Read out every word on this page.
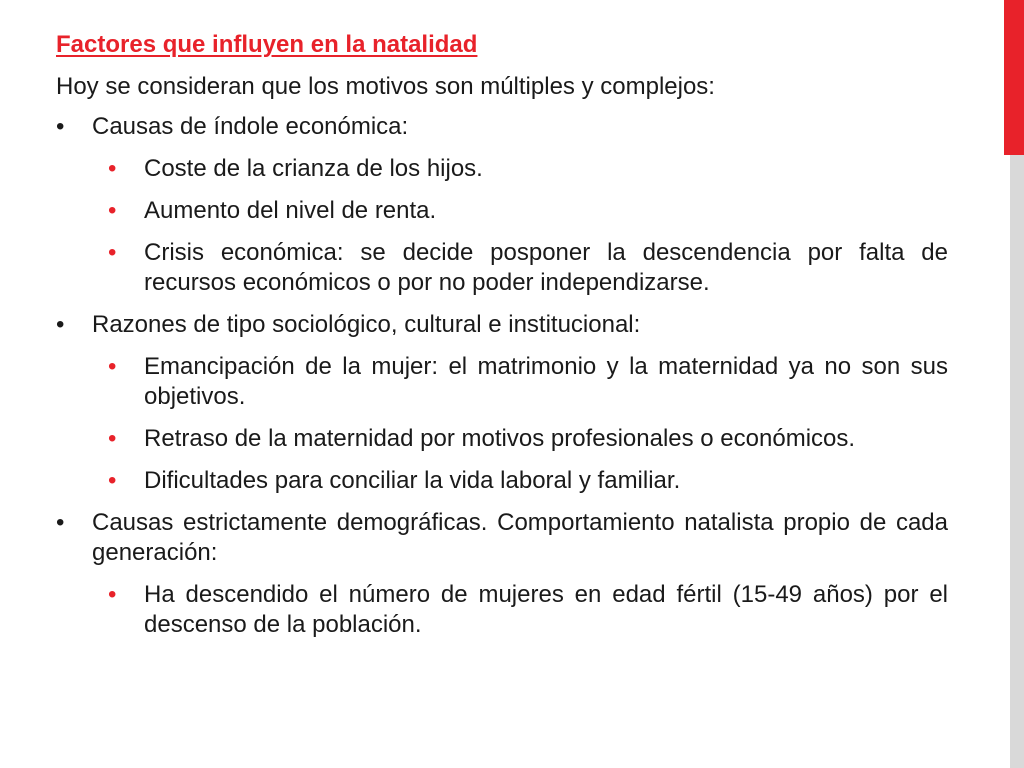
Factores que influyen en la natalidad
Hoy se consideran que los motivos son múltiples y complejos:
• Causas de índole económica:
• Coste de la crianza de los hijos.
• Aumento del nivel de renta.
• Crisis económica: se decide posponer la descendencia por falta de recursos económicos o por no poder independizarse.
• Razones de tipo sociológico, cultural e institucional:
• Emancipación de la mujer: el matrimonio y la maternidad ya no son sus objetivos.
• Retraso de la maternidad por motivos profesionales o económicos.
• Dificultades para conciliar la vida laboral y familiar.
• Causas estrictamente demográficas. Comportamiento natalista propio de cada generación:
• Ha descendido el número de mujeres en edad fértil (15-49 años) por el descenso de la población.
